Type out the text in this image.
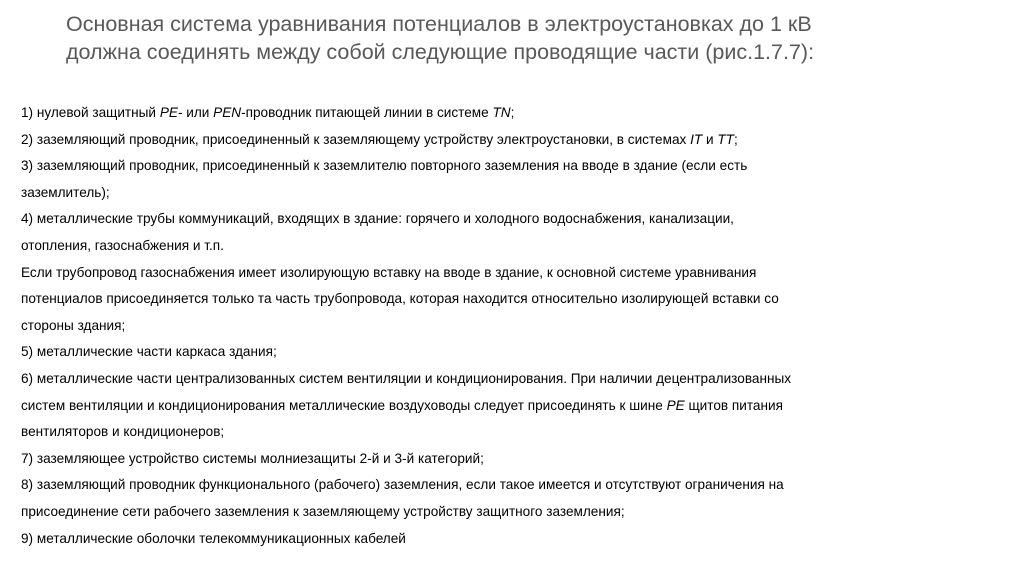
Основная система уравнивания потенциалов в электроустановках до 1 кВ
должна соединять между собой следующие проводящие части (рис.1.7.7):

1) нулевой защитный PE- или PEN-проводник питающей линии в системе TN;

2) заземляющий проводник, присоединенный к заземляющему устройству электроустановки, в системах IT и TT;

3) заземляющий проводник, присоединенный к заземлителю повторного заземления на вводе в здание (если есть

заземлитель);

4) металлические трубы коммуникаций, входящих в здание: горячего и холодного водоснабжения, канализации,

отопления, газоснабжения и т.п.

Если трубопровод газоснабжения имеет изолирующую вставку на вводе в здание, к основной системе уравнивания

потенциалов присоединяется только та часть трубопровода, которая находится относительно изолирующей вставки со

стороны здания;

5) металлические части каркаса здания;

6) металлические части централизованных систем вентиляции и кондиционирования. При наличии децентрализованных

систем вентиляции и кондиционирования металлические воздуховоды следует присоединять к шине PE щитов питания

вентиляторов и кондиционеров;

7) заземляющее устройство системы молниезащиты 2-й и 3-й категорий;

8) заземляющий проводник функционального (рабочего) заземления, если такое имеется и отсутствуют ограничения на

присоединение сети рабочего заземления к заземляющему устройству защитного заземления;

9) металлические оболочки телекоммуникационных кабелей
